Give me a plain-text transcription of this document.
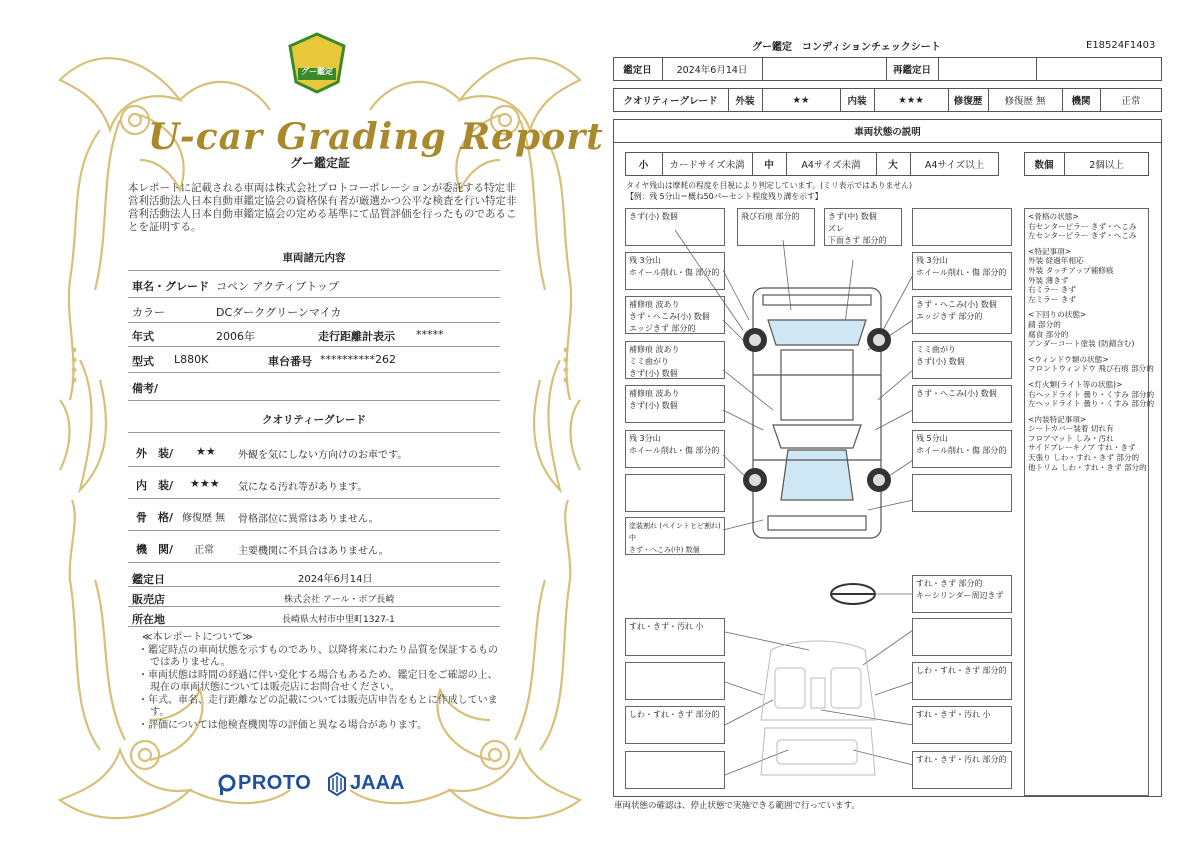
グー鑑定
U-car Grading Report
グー鑑定証
本レポートに記載される車両は株式会社プロトコーポレーションが委託する特定非営利活動法人日本自動車鑑定協会の資格保有者が厳選かつ公平な検査を行い特定非営利活動法人日本自動車鑑定協会の定める基準にて品質評価を行ったものであることを証明する。
車両諸元内容
車名・グレード コペン アクティブトップ
カラー	DCダークグリーンマイカ
年式	2006年	走行距離計表示 *****
型式 L880K	車台番号 **********262
備考/
クオリティーグレード
外　装/ ★★ 外観を気にしない方向けのお車です。
内　装/ ★★★ 気になる汚れ等があります。
骨　格/ 修復歴 無 骨格部位に異常はありません。
機　関/ 正常 主要機関に不具合はありません。
鑑定日	2024年6月14日
販売店	株式会社 アール・ボブ長崎
所在地	長崎県大村市中里町1327-1
≪本レポートについて≫
・鑑定時点の車両状態を示すものであり、以降将来にわたり品質を保証するものではありません。
・車両状態は時間の経過に伴い変化する場合もあるため、鑑定日をご確認の上、現在の車両状態については販売店にお問合せください。
・年式、車名、走行距離などの記載については販売店申告をもとに作成しています。
・評価については他検査機関等の評価と異なる場合があります。
PROTO JAAA
グー鑑定　コンディションチェックシート	E18524F1403
鑑定日	2024年6月14日	再鑑定日
クオリティーグレード	外装	★★	内装	★★★	修復歴	修復歴 無	機関	正常
車両状態の説明
小	カードサイズ未満	中	A4サイズ未満	大	A4サイズ以上	数個	2個以上
タイヤ残山は摩耗の程度を目視により判定しています。(ミリ表示ではありません)
【例：残 5分山＝概ね50パーセント程度残り溝を示す】
きず(小) 数個
残 3分山
ホイール削れ・傷 部分的
補修痕 波あり
きず・へこみ(小) 数個
エッジきず 部分的
補修痕 波あり
ミミ曲がり
きず(小) 数個
補修痕 波あり
きず(小) 数個
残 3分山
ホイール削れ・傷 部分的
塗装割れ (ペイントヒビ割れ) 中
きず・へこみ(中) 数個
飛び石痕 部分的	きず(中) 数個
ズレ
下面きず 部分的
残 3分山
ホイール削れ・傷 部分的
きず・へこみ(小) 数個
エッジきず 部分的
ミミ曲がり
きず(小) 数個
きず・へこみ(小) 数個
残 5分山
ホイール削れ・傷 部分的
すれ・きず 部分的
キーシリンダー周辺きず
すれ・きず・汚れ 小
しわ・すれ・きず 部分的
しわ・すれ・きず 部分的
すれ・きず・汚れ 小
すれ・きず・汚れ 部分的
<骨格の状態>
右センターピラー きず・へこみ
左センターピラー きず・へこみ
<特記事項>
外装 経過年相応
外装 タッチアップ補修痕
外装 薄きず
右ミラー きず
左ミラー きず
<下回りの状態>
錆 部分的
腐食 部分的
アンダーコート塗装 (防錆含む)
<ウィンドウ類の状態>
フロントウィンドウ 飛び石痕 部分的
<灯火類(ライト等の状態)>
右ヘッドライト 曇り・くすみ 部分的
左ヘッドライト 曇り・くすみ 部分的
<内装特記事項>
シートカバー装着 切れ有
フロアマット しみ・汚れ
サイドブレーキノブ すれ・きず
天張り しわ・すれ・きず 部分的
他トリム しわ・すれ・きず 部分的
車両状態の確認は、停止状態で実施できる範囲で行っています。
